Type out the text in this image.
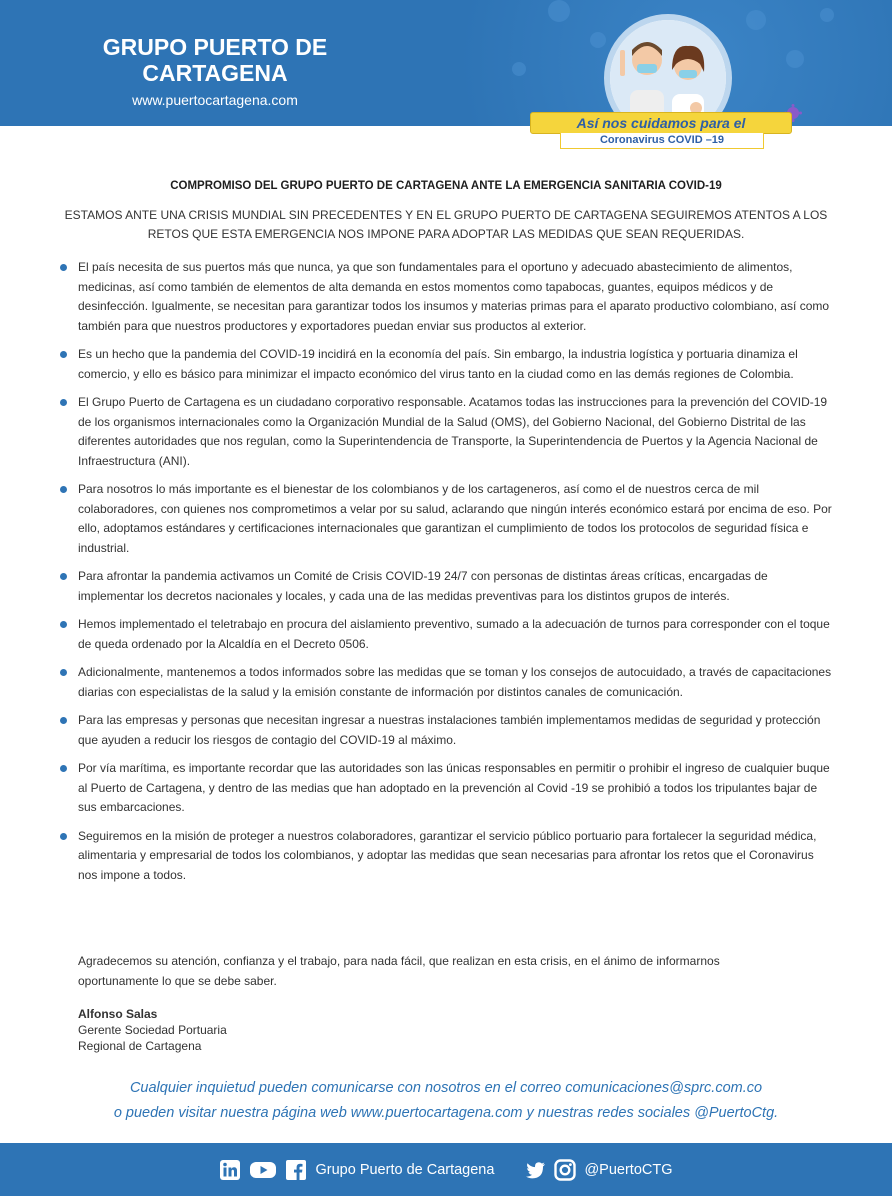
GRUPO PUERTO DE CARTAGENA
www.puertocartagena.com
Así nos cuidamos para el
Coronavirus COVID –19
COMPROMISO DEL GRUPO PUERTO DE CARTAGENA ANTE LA EMERGENCIA SANITARIA COVID-19
ESTAMOS ANTE UNA CRISIS MUNDIAL SIN PRECEDENTES Y EN EL GRUPO PUERTO DE CARTAGENA SEGUIREMOS ATENTOS A LOS RETOS QUE ESTA EMERGENCIA NOS IMPONE PARA ADOPTAR LAS MEDIDAS QUE SEAN REQUERIDAS.
El país necesita de sus puertos más que nunca, ya que son fundamentales para el oportuno y adecuado abastecimiento de alimentos, medicinas, así como también de elementos de alta demanda en estos momentos como tapabocas, guantes, equipos médicos y de desinfección. Igualmente, se necesitan para garantizar todos los insumos y materias primas para el aparato productivo colombiano, así como también para que nuestros productores y exportadores puedan enviar sus productos al exterior.
Es un hecho que la pandemia del COVID-19 incidirá en la economía del país. Sin embargo, la industria logística y portuaria dinamiza el comercio, y ello es básico para minimizar el impacto económico del virus tanto en la ciudad como en las demás regiones de Colombia.
El Grupo Puerto de Cartagena es un ciudadano corporativo responsable. Acatamos todas las instrucciones para la prevención del COVID-19 de los organismos internacionales como la Organización Mundial de la Salud (OMS), del Gobierno Nacional, del Gobierno Distrital de las diferentes autoridades que nos regulan, como la Superintendencia de Transporte, la Superintendencia de Puertos y la Agencia Nacional de Infraestructura (ANI).
Para nosotros lo más importante es el bienestar de los colombianos y de los cartageneros, así como el de nuestros cerca de mil colaboradores, con quienes nos comprometimos a velar por su salud, aclarando que ningún interés económico estará por encima de eso. Por ello, adoptamos estándares y certificaciones internacionales que garantizan el cumplimiento de todos los protocolos de seguridad física e industrial.
Para afrontar la pandemia activamos un Comité de Crisis COVID-19 24/7 con personas de distintas áreas críticas, encargadas de implementar los decretos nacionales y locales, y cada una de las medidas preventivas para los distintos grupos de interés.
Hemos implementado el teletrabajo en procura del aislamiento preventivo, sumado a la adecuación de turnos para corresponder con el toque de queda ordenado por la Alcaldía en el Decreto 0506.
Adicionalmente, mantenemos a todos informados sobre las medidas que se toman y los consejos de autocuidado, a través de capacitaciones diarias con especialistas de la salud y la emisión constante de información por distintos canales de comunicación.
Para las empresas y personas que necesitan ingresar a nuestras instalaciones también implementamos medidas de seguridad y protección que ayuden a reducir los riesgos de contagio del COVID-19 al máximo.
Por vía marítima, es importante recordar que las autoridades son las únicas responsables en permitir o prohibir el ingreso de cualquier buque al Puerto de Cartagena, y dentro de las medias que han adoptado en la prevención al Covid -19 se prohibió a todos los tripulantes bajar de sus embarcaciones.
Seguiremos en la misión de proteger a nuestros colaboradores, garantizar el servicio público portuario para fortalecer la seguridad médica, alimentaria y empresarial de todos los colombianos, y adoptar las medidas que sean necesarias para afrontar los retos que el Coronavirus nos impone a todos.
Agradecemos su atención, confianza y el trabajo, para nada fácil, que realizan en esta crisis, en el ánimo de informarnos oportunamente lo que se debe saber.
Alfonso Salas
Gerente Sociedad Portuaria
Regional de Cartagena
Cualquier inquietud pueden comunicarse con nosotros en el correo comunicaciones@sprc.com.co
o pueden visitar nuestra página web www.puertocartagena.com y nuestras redes sociales @PuertoCtg.
Grupo Puerto de Cartagena	@PuertoCTG
